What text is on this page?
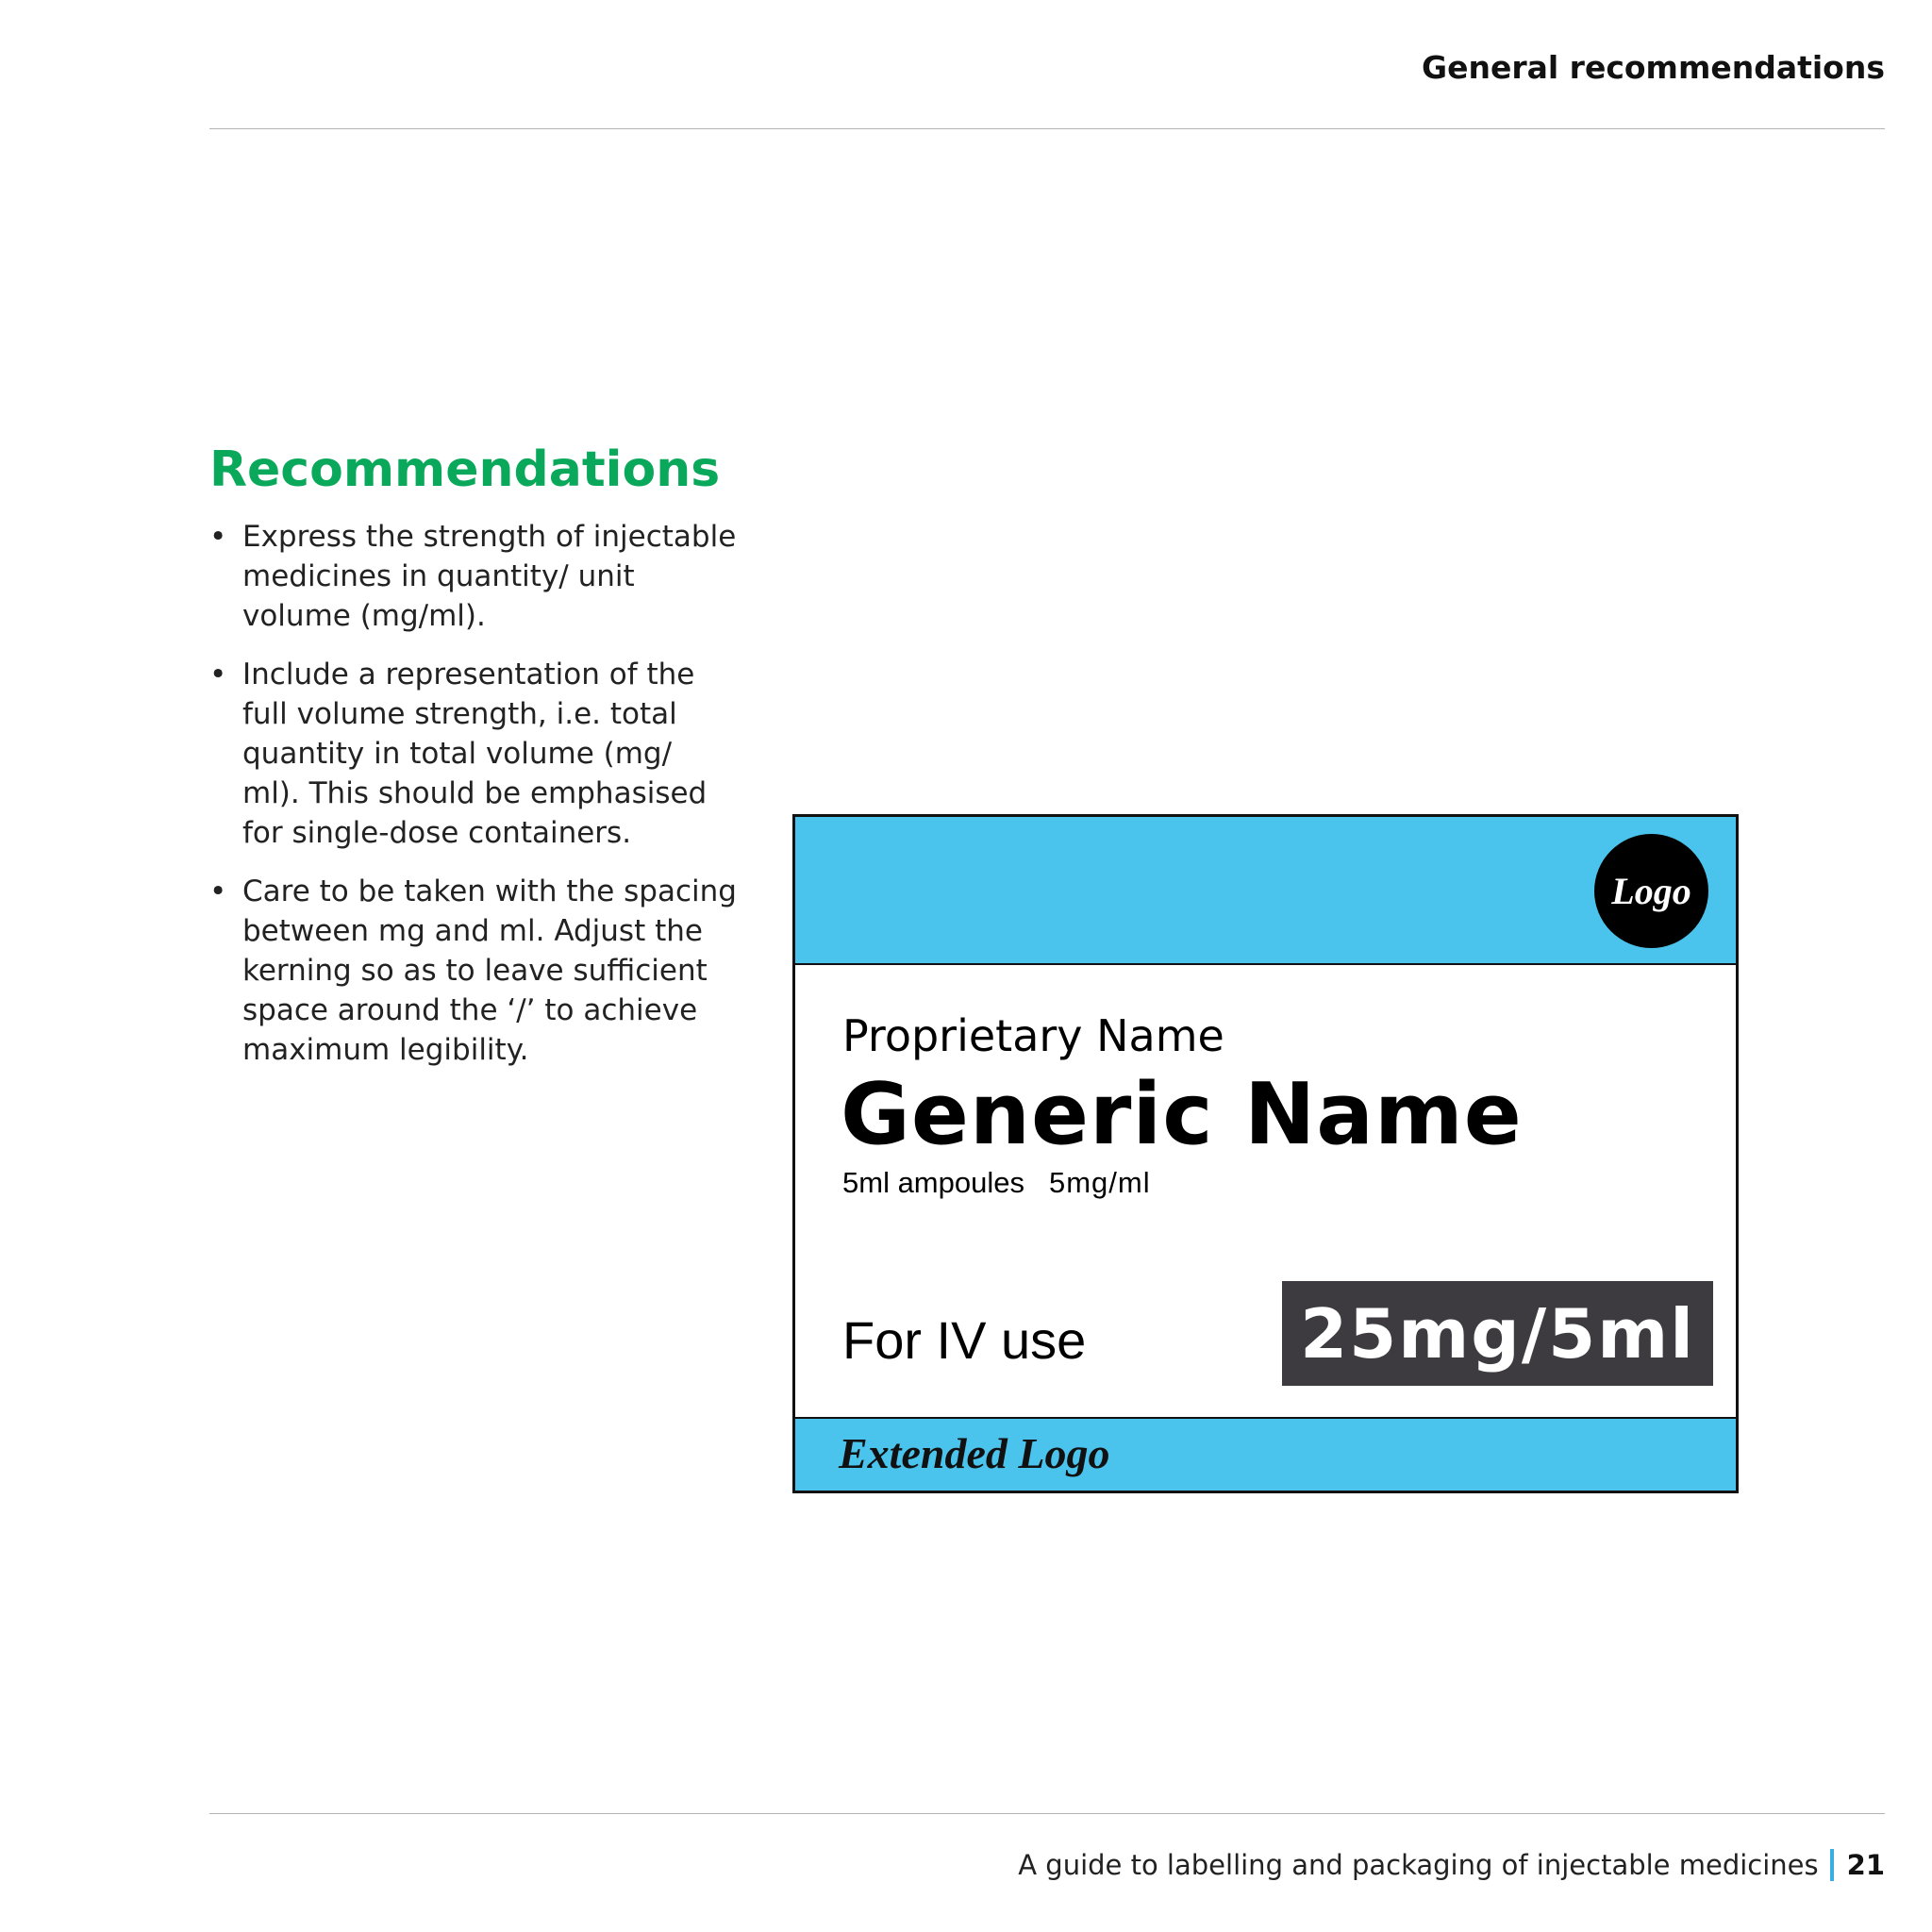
General recommendations
Recommendations
• Express the strength of injectable medicines in quantity/ unit volume (mg/ml).
• Include a representation of the full volume strength, i.e. total quantity in total volume (mg/ ml). This should be emphasised for single-dose containers.
• Care to be taken with the spacing between mg and ml. Adjust the kerning so as to leave sufficient space around the ‘/’ to achieve maximum legibility.
Logo
Proprietary Name
Generic Name
5ml ampoules 5mg/ml
For IV use	25mg/5ml
Extended Logo
A guide to labelling and packaging of injectable medicines 21
